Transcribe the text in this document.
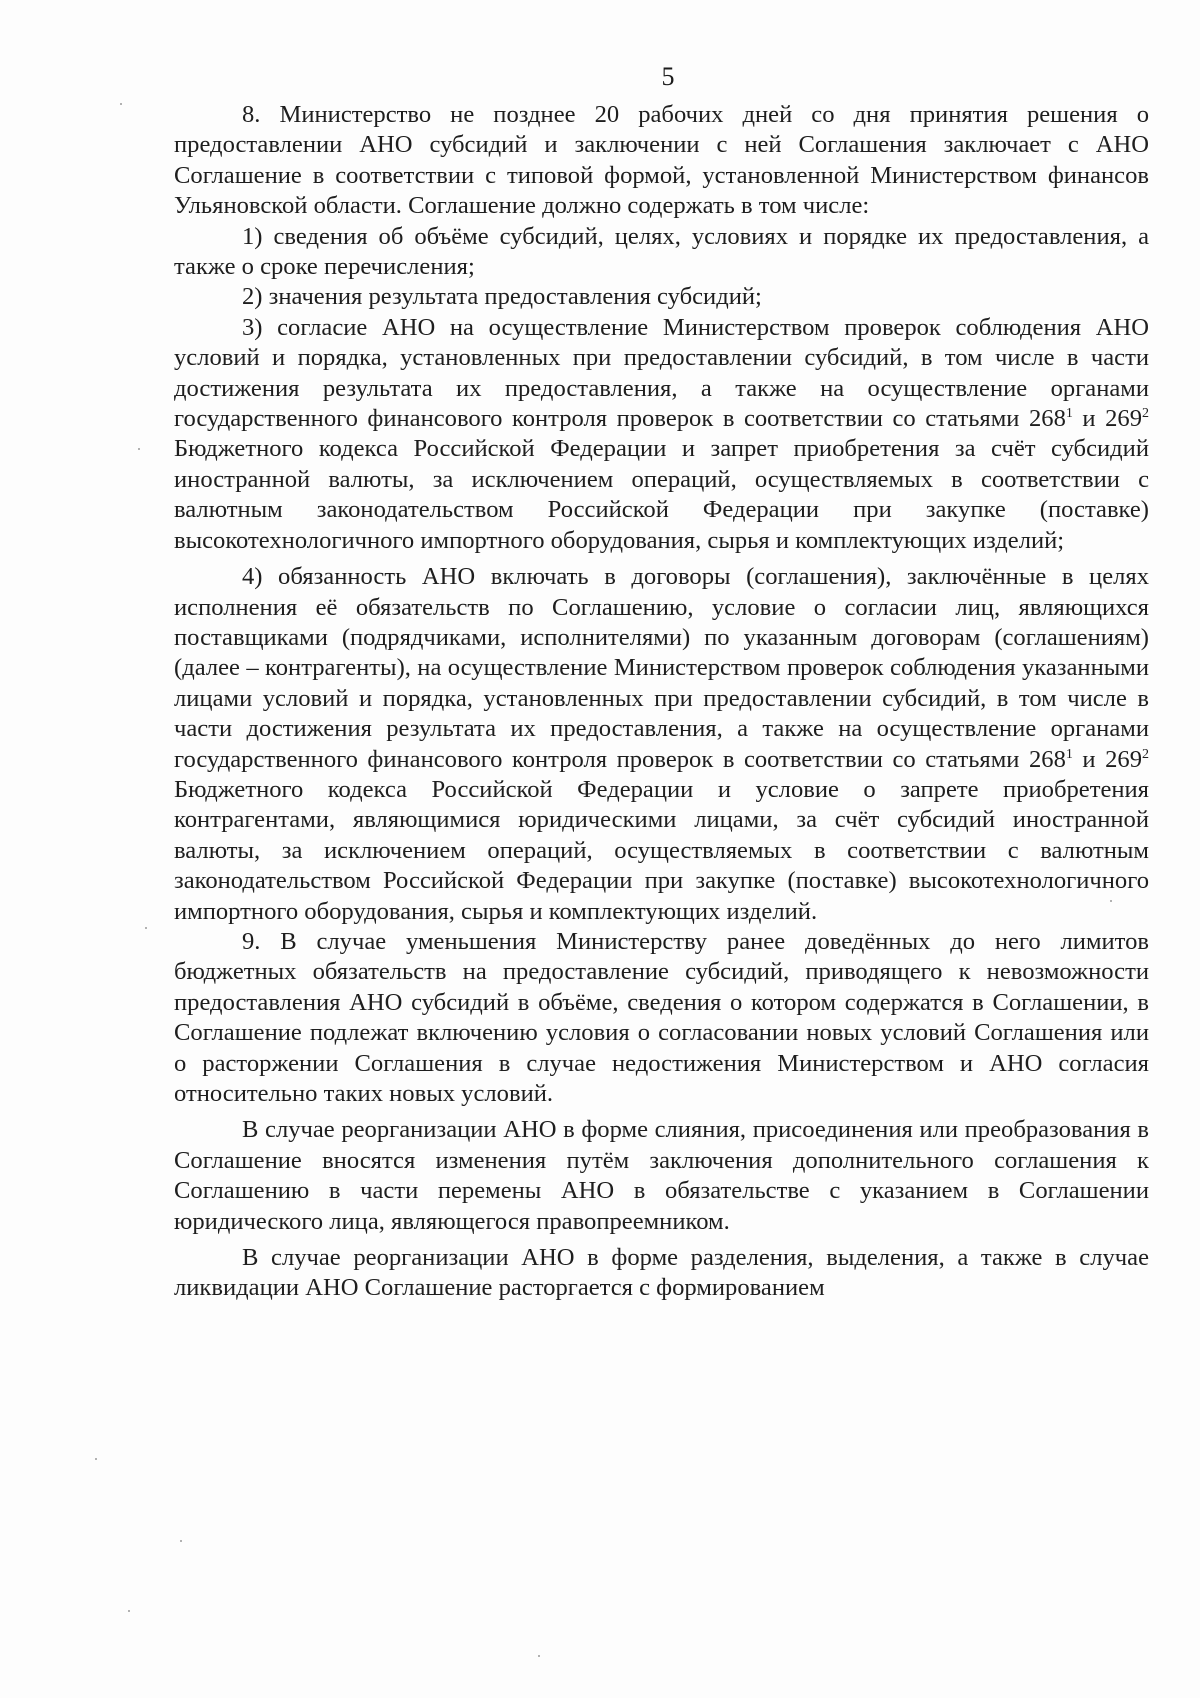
5

8. Министерство не позднее 20 рабочих дней со дня принятия решения о предоставлении АНО субсидий и заключении с ней Соглашения заключает с АНО Соглашение в соответствии с типовой формой, установленной Министерством финансов Ульяновской области. Соглашение должно содержать в том числе:

1) сведения об объёме субсидий, целях, условиях и порядке их предоставления, а также о сроке перечисления;

2) значения результата предоставления субсидий;

3) согласие АНО на осуществление Министерством проверок соблюдения АНО условий и порядка, установленных при предоставлении субсидий, в том числе в части достижения результата их предоставления, а также на осуществление органами государственного финансового контроля проверок в соответствии со статьями $268^1$ и $269^2$ Бюджетного кодекса Российской Федерации и запрет приобретения за счёт субсидий иностранной валюты, за исключением операций, осуществляемых в соответствии с валютным законодательством Российской Федерации при закупке (поставке) высокотехнологичного импортного оборудования, сырья и комплектующих изделий;

4) обязанность АНО включать в договоры (соглашения), заключённые в целях исполнения её обязательств по Соглашению, условие о согласии лиц, являющихся поставщиками (подрядчиками, исполнителями) по указанным договорам (соглашениям) (далее – контрагенты), на осуществление Министерством проверок соблюдения указанными лицами условий и порядка, установленных при предоставлении субсидий, в том числе в части достижения результата их предоставления, а также на осуществление органами государственного финансового контроля проверок в соответствии со статьями $268^1$ и $269^2$ Бюджетного кодекса Российской Федерации и условие о запрете приобретения контрагентами, являющимися юридическими лицами, за счёт субсидий иностранной валюты, за исключением операций, осуществляемых в соответствии с валютным законодательством Российской Федерации при закупке (поставке) высокотехнологичного импортного оборудования, сырья и комплектующих изделий.

9. В случае уменьшения Министерству ранее доведённых до него лимитов бюджетных обязательств на предоставление субсидий, приводящего к невозможности предоставления АНО субсидий в объёме, сведения о котором содержатся в Соглашении, в Соглашение подлежат включению условия о согласовании новых условий Соглашения или о расторжении Соглашения в случае недостижения Министерством и АНО согласия относительно таких новых условий.

В случае реорганизации АНО в форме слияния, присоединения или преобразования в Соглашение вносятся изменения путём заключения дополнительного соглашения к Соглашению в части перемены АНО в обязательстве с указанием в Соглашении юридического лица, являющегося правопреемником.

В случае реорганизации АНО в форме разделения, выделения, а также в случае ликвидации АНО Соглашение расторгается с формированием
